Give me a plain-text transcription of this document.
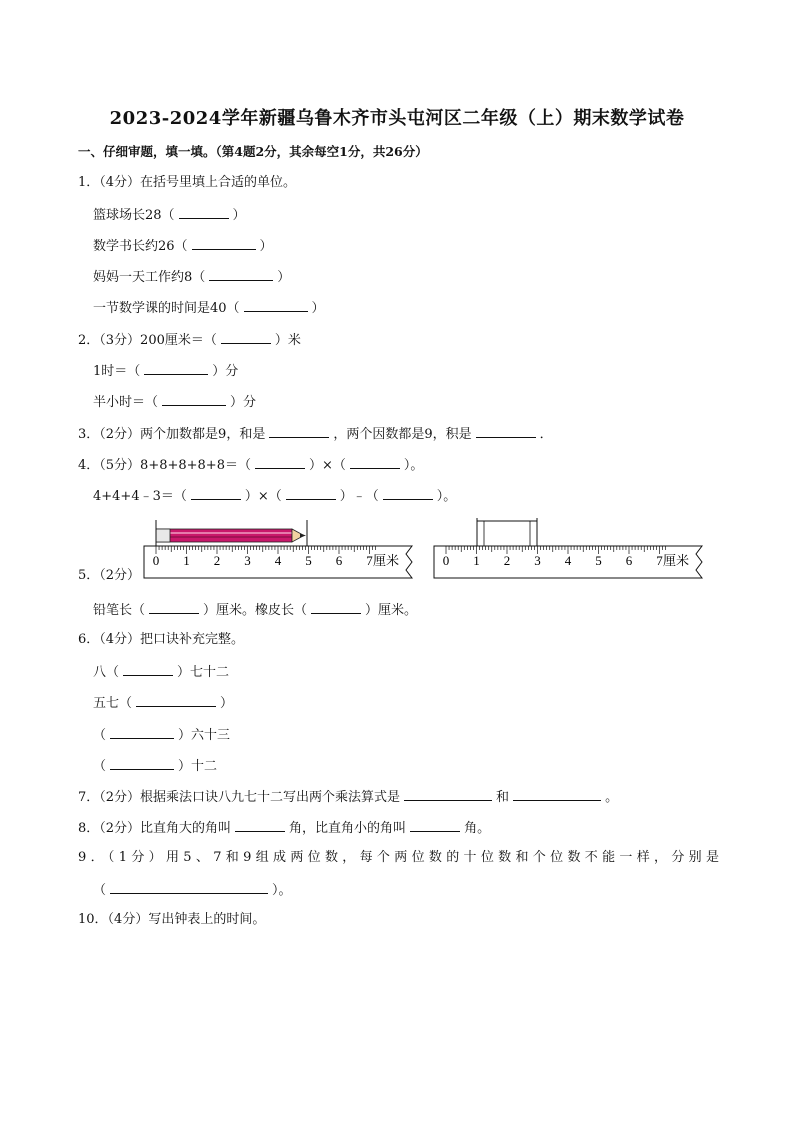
2023-2024学年新疆乌鲁木齐市头屯河区二年级（上）期末数学试卷
一、仔细审题，填一填。（第4题2分，其余每空1分，共26分）
1．（4分）在括号里填上合适的单位。
篮球场长28（	）
数学书长约26（	）
妈妈一天工作约8（	）
一节数学课的时间是40（	）
2．（3分）200厘米＝（	）米
1时＝（	）分
半小时＝（	）分
3．（2分）两个加数都是9，和是	，两个因数都是9，积是	．
4．（5分）8+8+8+8+8＝（	）×（	）。
4+4+4﹣3＝（	）×（	）﹣（	）。
5．（2分）
0 1 2 3 4 5 6 7 厘米	0 1 2 3 4 5 6 7 厘米
铅笔长（	）厘米。橡皮长（	）厘米。
6．（4分）把口诀补充完整。
八（	）七十二
五七（	）
（	）六十三
（	）十二
7．（2分）根据乘法口诀八九七十二写出两个乘法算式是	和	。
8．（2分）比直角大的角叫	角，比直角小的角叫	角。
9．（1分）用5、7和9组成两位数，每个两位数的十位数和个位数不能一样，分别是
（	）。
10．（4分）写出钟表上的时间。
